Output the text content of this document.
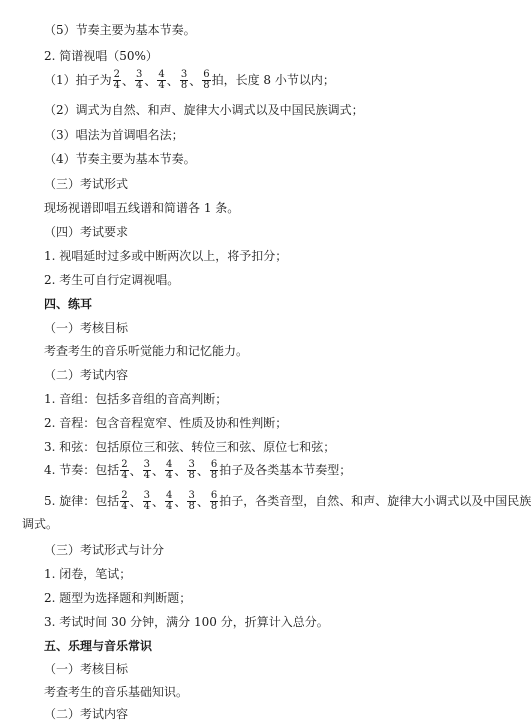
（5）节奏主要为基本节奏。
2. 简谱视唱（50%）
（1）拍子为 $\frac{2}{4}$ 、 $\frac{3}{4}$ 、 $\frac{4}{4}$ 、 $\frac{3}{8}$ 、 $\frac{6}{8}$ 拍，长度 8 小节以内；
（2）调式为自然、和声、旋律大小调式以及中国民族调式；
（3）唱法为首调唱名法；
（4）节奏主要为基本节奏。
（三）考试形式
现场视谱即唱五线谱和简谱各 1 条。
（四）考试要求
1. 视唱延时过多或中断两次以上，将予扣分；
2. 考生可自行定调视唱。
四、练耳
（一）考核目标
考查考生的音乐听觉能力和记忆能力。
（二）考试内容
1. 音组：包括多音组的音高判断；
2. 音程：包含音程宽窄、性质及协和性判断；
3. 和弦：包括原位三和弦、转位三和弦、原位七和弦；
4. 节奏：包括 $\frac{2}{4}$ 、 $\frac{3}{4}$ 、 $\frac{4}{4}$ 、 $\frac{3}{8}$ 、 $\frac{6}{8}$ 拍子及各类基本节奏型；
5. 旋律：包括 $\frac{2}{4}$ 、 $\frac{3}{4}$ 、 $\frac{4}{4}$ 、 $\frac{3}{8}$ 、 $\frac{6}{8}$ 拍子，各类音型，自然、和声、旋律大小调式以及中国民族
调式。
（三）考试形式与计分
1. 闭卷，笔试；
2. 题型为选择题和判断题；
3. 考试时间 30 分钟，满分 100 分，折算计入总分。
五、乐理与音乐常识
（一）考核目标
考查考生的音乐基础知识。
（二）考试内容
